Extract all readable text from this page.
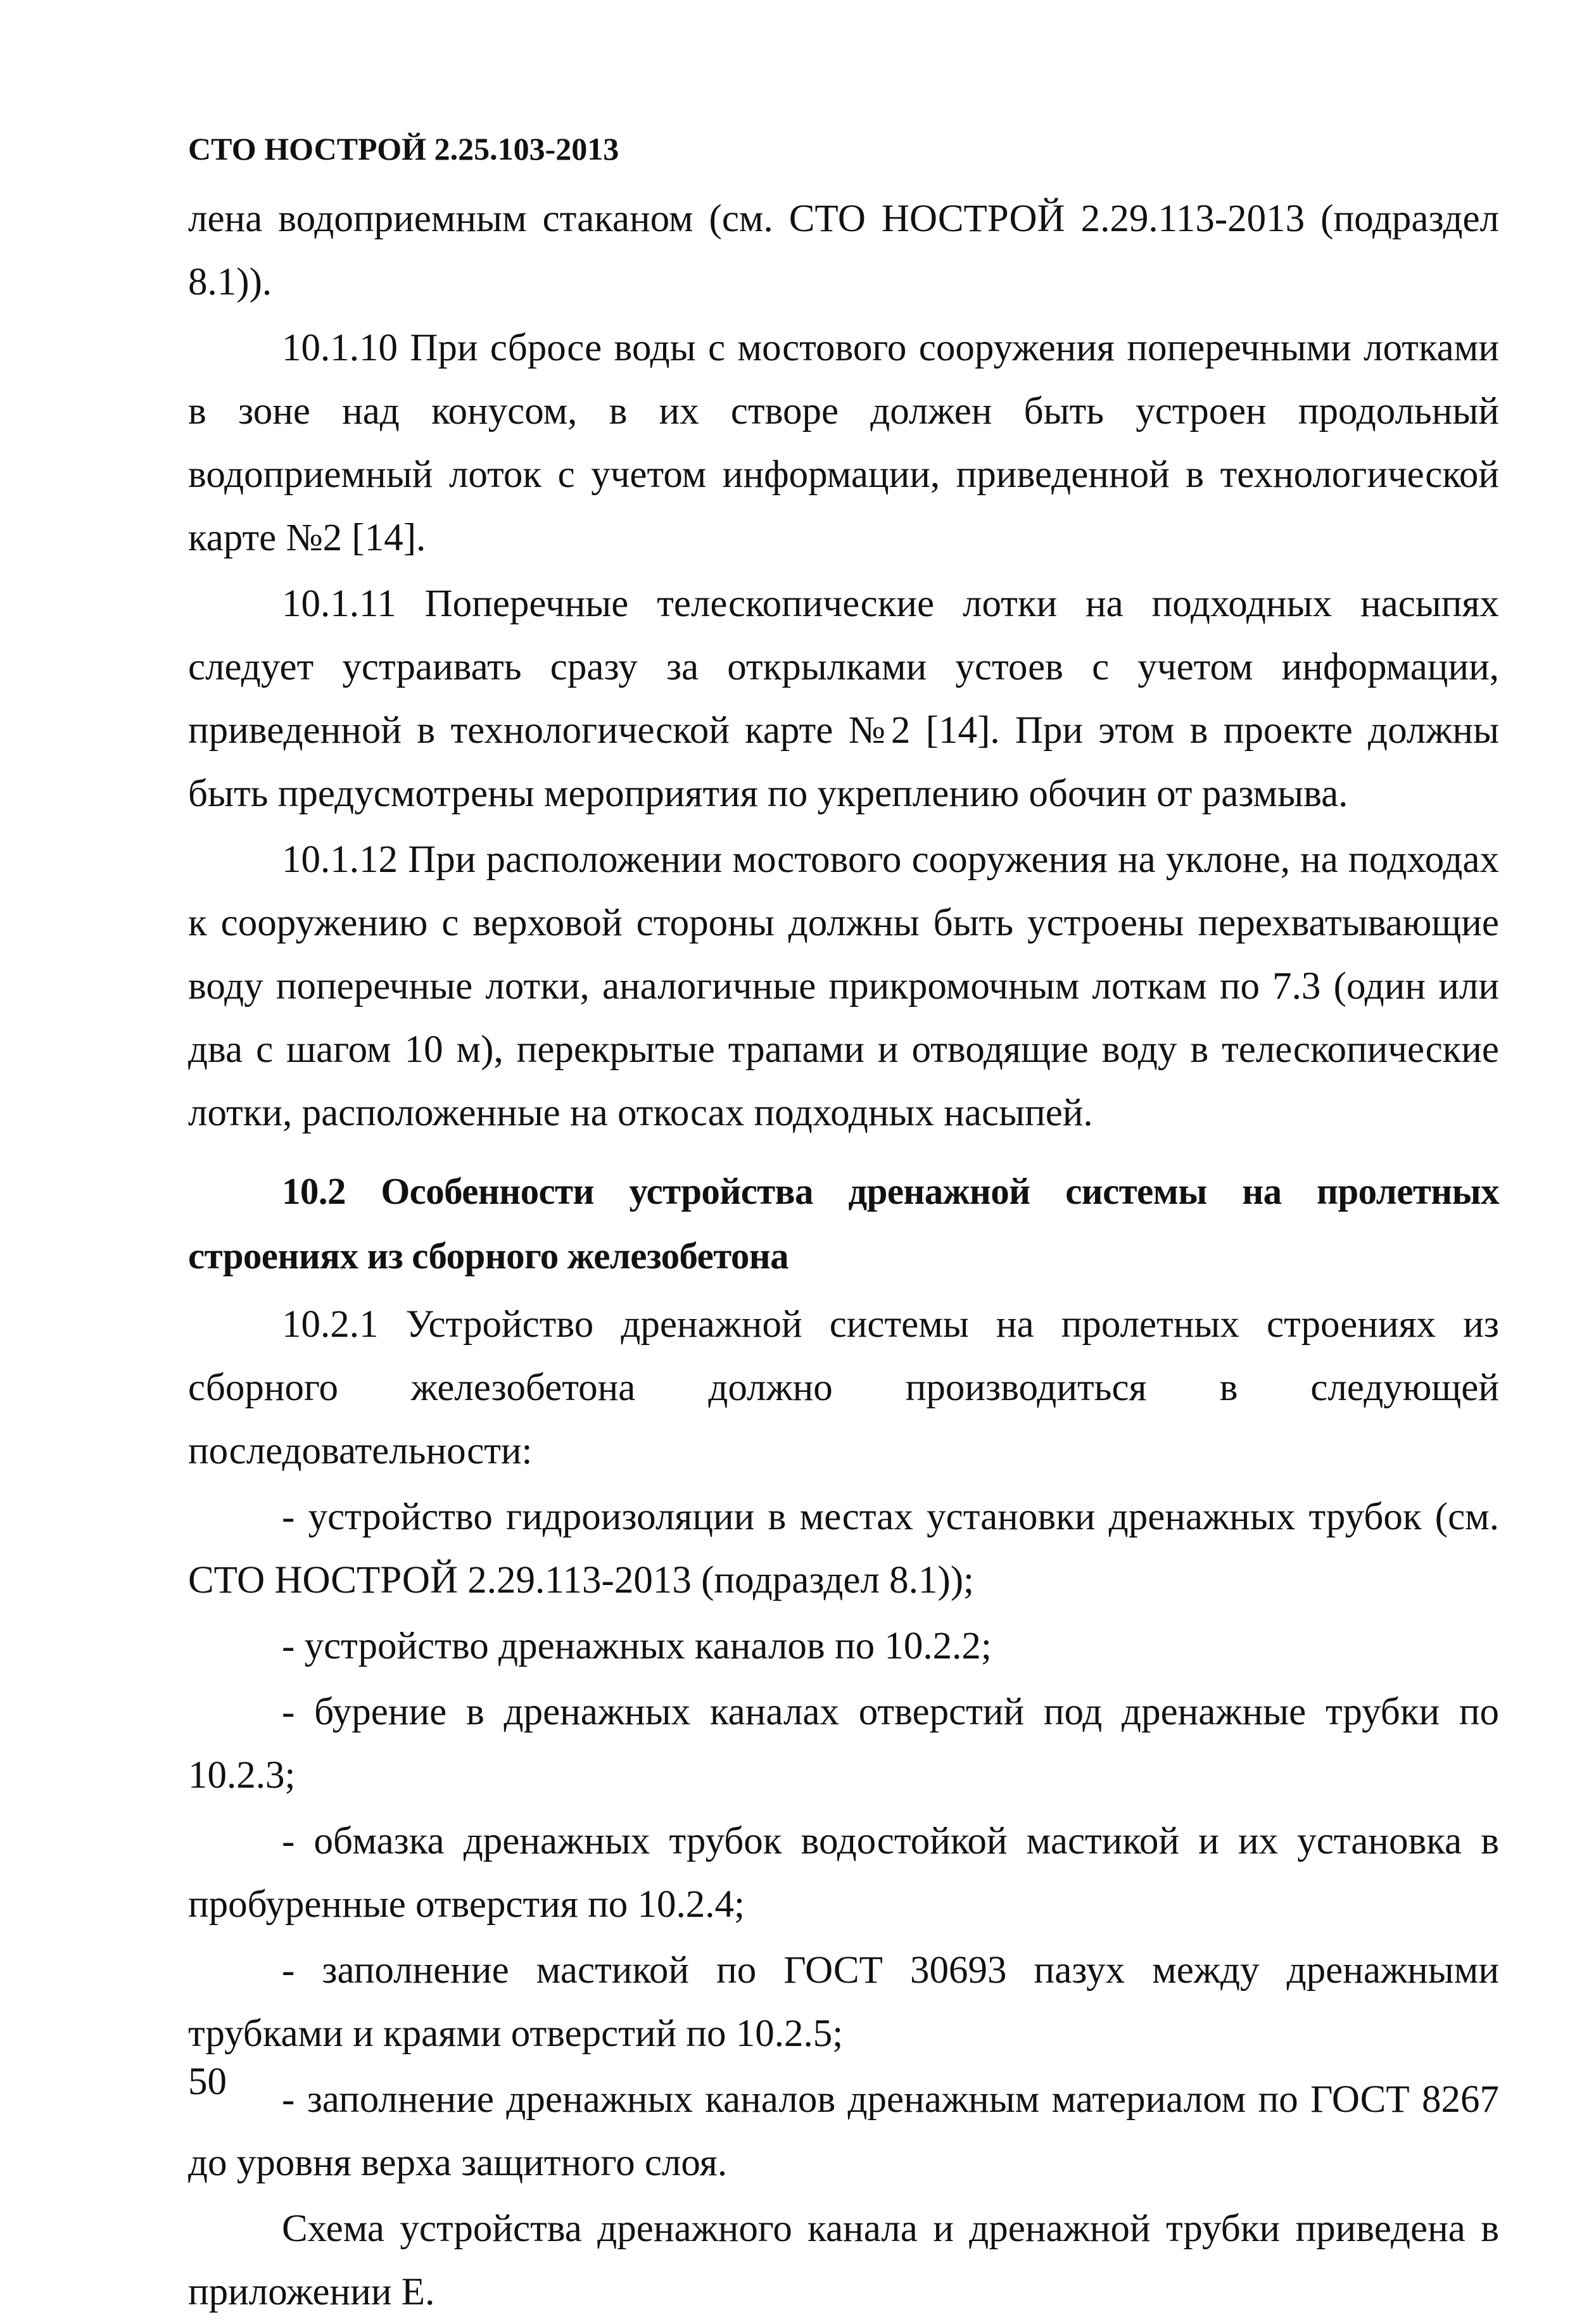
СТО НОСТРОЙ 2.25.103-2013

лена водоприемным стаканом (см. СТО НОСТРОЙ 2.29.113-2013 (подраздел 8.1)).

10.1.10 При сбросе воды с мостового сооружения поперечными лотками в зоне над конусом, в их створе должен быть устроен продольный водоприемный лоток с учетом информации, приведенной в технологической карте №2 [14].

10.1.11 Поперечные телескопические лотки на подходных насыпях следует устраивать сразу за открылками устоев с учетом информации, приведенной в технологической карте №2 [14]. При этом в проекте должны быть предусмотрены мероприятия по укреплению обочин от размыва.

10.1.12 При расположении мостового сооружения на уклоне, на подходах к сооружению с верховой стороны должны быть устроены перехватывающие воду поперечные лотки, аналогичные прикромочным лоткам по 7.3 (один или два с шагом 10 м), перекрытые трапами и отводящие воду в телескопические лотки, расположенные на откосах подходных насыпей.

10.2 Особенности устройства дренажной системы на пролетных строениях из сборного железобетона

10.2.1 Устройство дренажной системы на пролетных строениях из сборного железобетона должно производиться в следующей последовательности:

- устройство гидроизоляции в местах установки дренажных трубок (см. СТО НОСТРОЙ 2.29.113-2013 (подраздел 8.1));

- устройство дренажных каналов по 10.2.2;

- бурение в дренажных каналах отверстий под дренажные трубки по 10.2.3;

- обмазка дренажных трубок водостойкой мастикой и их установка в пробуренные отверстия по 10.2.4;

- заполнение мастикой по ГОСТ 30693 пазух между дренажными трубками и краями отверстий по 10.2.5;

- заполнение дренажных каналов дренажным материалом по ГОСТ 8267 до уровня верха защитного слоя.

Схема устройства дренажного канала и дренажной трубки приведена в приложении Е.

50
